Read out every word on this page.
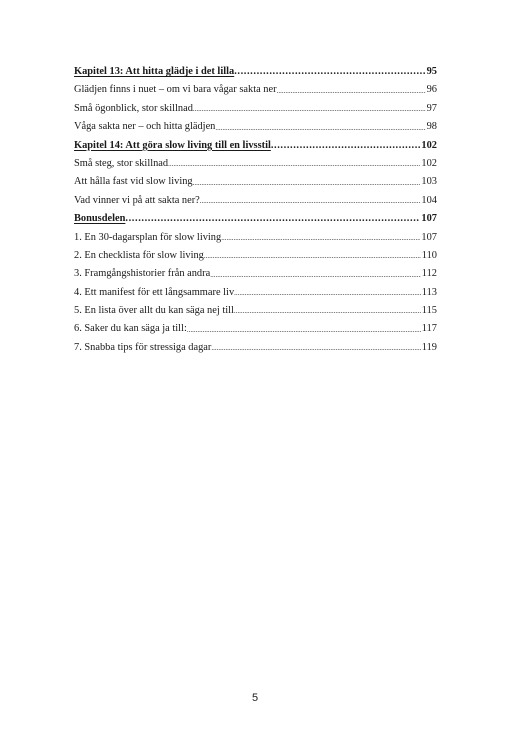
Kapitel 13: Att hitta glädje i det lilla .....	95
Glädjen finns i nuet – om vi bara vågar sakta ner .....	96
Små ögonblick, stor skillnad .....	97
Våga sakta ner – och hitta glädjen .....	98
Kapitel 14: Att göra slow living till en livsstil .....	102
Små steg, stor skillnad .....	102
Att hålla fast vid slow living .....	103
Vad vinner vi på att sakta ner? .....	104
Bonusdelen .....	107
1. En 30-dagarsplan för slow living .....	107
2. En checklista för slow living .....	110
3. Framgångshistorier från andra .....	112
4. Ett manifest för ett långsammare liv .....	113
5. En lista över allt du kan säga nej till .....	115
6. Saker du kan säga ja till: .....	117
7. Snabba tips för stressiga dagar .....	119
5
